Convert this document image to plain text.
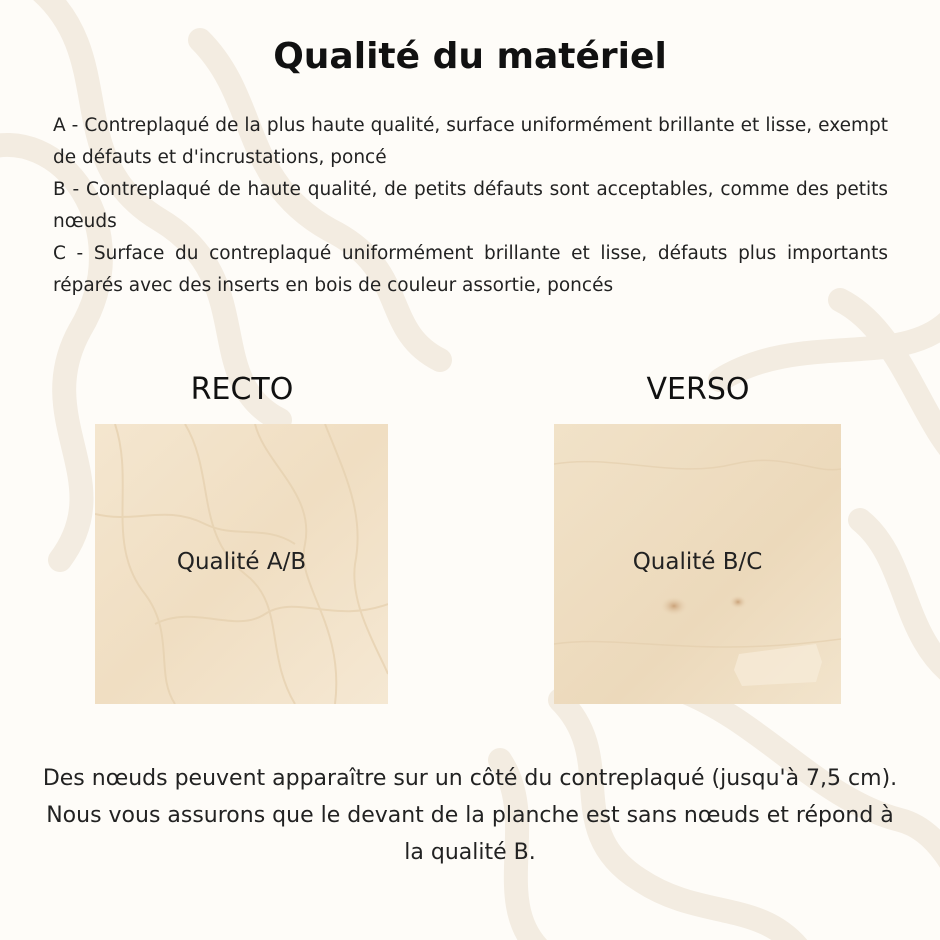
Qualité du matériel

A - Contreplaqué de la plus haute qualité, surface uniformément brillante et lisse, exempt de défauts et d'incrustations, poncé

B - Contreplaqué de haute qualité, de petits défauts sont acceptables, comme des petits nœuds

C - Surface du contreplaqué uniformément brillante et lisse, défauts plus importants réparés avec des inserts en bois de couleur assortie, poncés

RECTO	VERSO
Qualité A/B	Qualité B/C
Des nœuds peuvent apparaître sur un côté du contreplaqué (jusqu'à 7,5 cm). Nous vous assurons que le devant de la planche est sans nœuds et répond à la qualité B.
